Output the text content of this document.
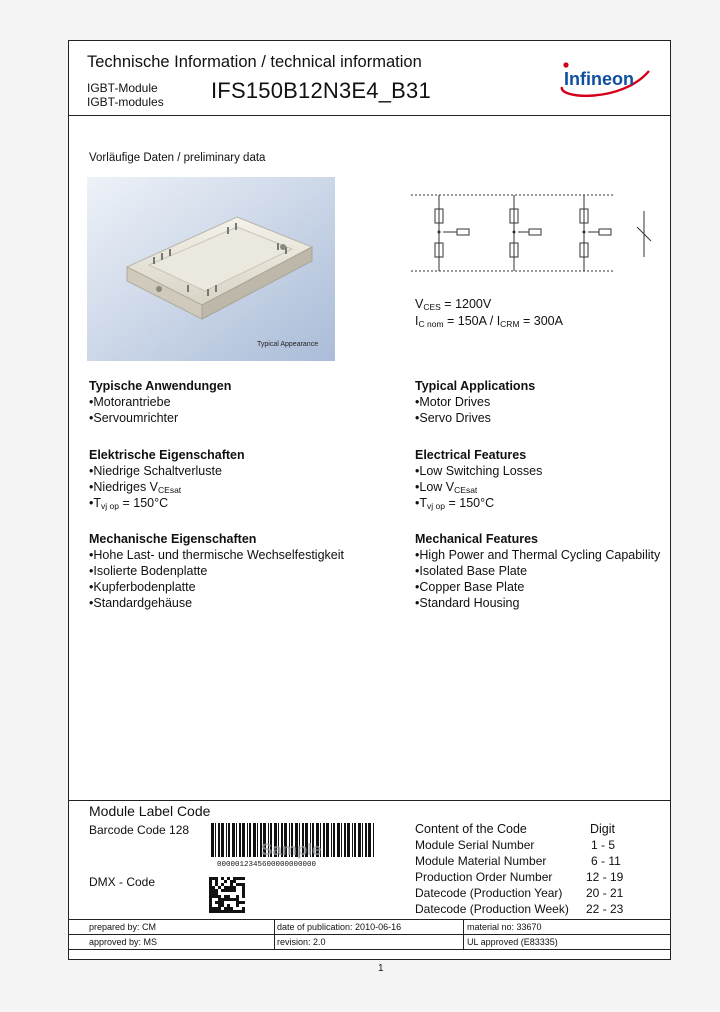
Technische Information / technical information
IGBT-Module
IGBT-modules IFS150B12N3E4_B31	Infineon
Vorläufige Daten / preliminary data
Typical Appearance
$V_{CES} = 1200V$
$I_{C nom} = 150A / I_{CRM} = 300A$
Typische Anwendungen
• Motorantriebe
• Servoumrichter
Elektrische Eigenschaften
• Niedrige Schaltverluste
• Niedriges $V_{CEsat}$
• $T_{vj op} = 150^\circ C$
Mechanische Eigenschaften
• Hohe Last- und thermische Wechselfestigkeit
• Isolierte Bodenplatte
• Kupferbodenplatte
• Standardgehäuse
Typical Applications
• Motor Drives
• Servo Drives
Electrical Features
• Low Switching Losses
• Low $V_{CEsat}$
• $T_{vj op} = 150^\circ C$
Mechanical Features
• High Power and Thermal Cycling Capability
• Isolated Base Plate
• Copper Base Plate
• Standard Housing
Module Label Code
Barcode Code 128
DMX - Code
Sample
0000012345600000000000
Content of the Code	Digit
Module Serial Number	1 - 5
Module Material Number	6 - 11
Production Order Number	12 - 19
Datecode (Production Year) 20 - 21
Datecode (Production Week) 22 - 23
prepared by: CM	date of publication: 2010-06-16	material no: 33670
approved by: MS	revision: 2.0	UL approved (E83335)
1
